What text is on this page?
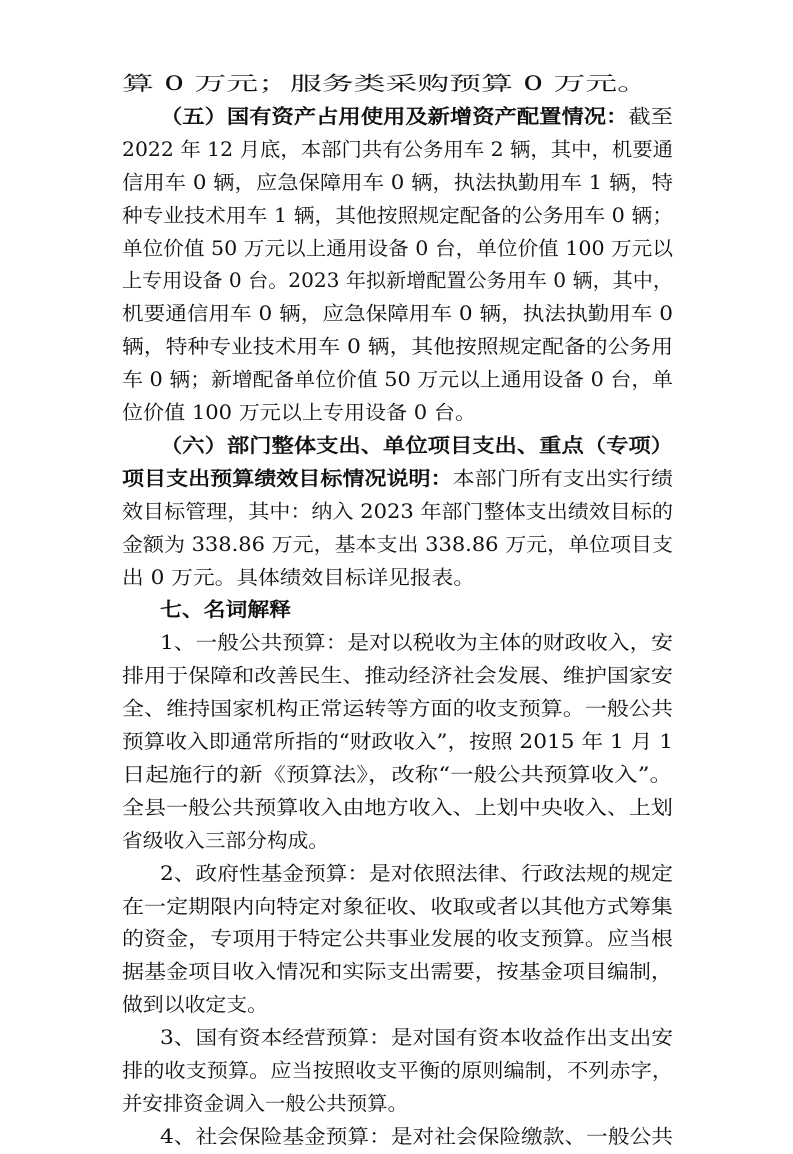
算 0 万元；服务类采购预算 0 万元。
（五）国有资产占用使用及新增资产配置情况：截至
2022 年 12 月底，本部门共有公务用车 2 辆，其中，机要通
信用车 0 辆，应急保障用车 0 辆，执法执勤用车 1 辆，特
种专业技术用车 1 辆，其他按照规定配备的公务用车 0 辆；
单位价值 50 万元以上通用设备 0 台，单位价值 100 万元以
上专用设备 0 台。2023 年拟新增配置公务用车 0 辆，其中，
机要通信用车 0 辆，应急保障用车 0 辆，执法执勤用车 0
辆，特种专业技术用车 0 辆，其他按照规定配备的公务用
车 0 辆；新增配备单位价值 50 万元以上通用设备 0 台，单
位价值 100 万元以上专用设备 0 台。
（六）部门整体支出、单位项目支出、重点（专项）
项目支出预算绩效目标情况说明：本部门所有支出实行绩
效目标管理，其中：纳入 2023 年部门整体支出绩效目标的
金额为 338.86 万元，基本支出 338.86 万元，单位项目支
出 0 万元。具体绩效目标详见报表。
七、名词解释
1、一般公共预算：是对以税收为主体的财政收入，安
排用于保障和改善民生、推动经济社会发展、维护国家安
全、维持国家机构正常运转等方面的收支预算。一般公共
预算收入即通常所指的“财政收入”，按照 2015 年 1 月 1
日起施行的新《预算法》，改称“一般公共预算收入”。
全县一般公共预算收入由地方收入、上划中央收入、上划
省级收入三部分构成。
2、政府性基金预算：是对依照法律、行政法规的规定
在一定期限内向特定对象征收、收取或者以其他方式筹集
的资金，专项用于特定公共事业发展的收支预算。应当根
据基金项目收入情况和实际支出需要，按基金项目编制，
做到以收定支。
3、国有资本经营预算：是对国有资本收益作出支出安
排的收支预算。应当按照收支平衡的原则编制，不列赤字，
并安排资金调入一般公共预算。
4、社会保险基金预算：是对社会保险缴款、一般公共
